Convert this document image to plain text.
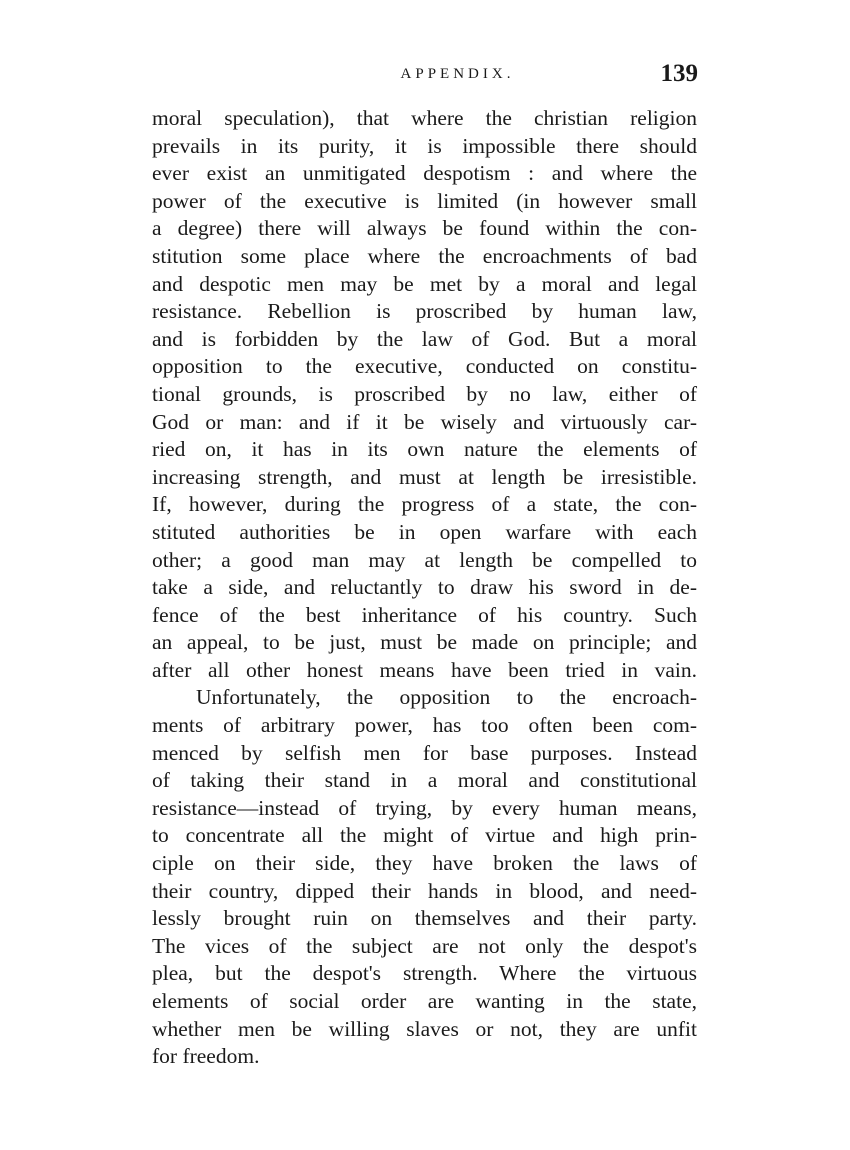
APPENDIX.	139
moral speculation), that where the christian religion
prevails in its purity, it is impossible there should
ever exist an unmitigated despotism : and where the
power of the executive is limited (in however small
a degree) there will always be found within the con-
stitution some place where the encroachments of bad
and despotic men may be met by a moral and legal
resistance. Rebellion is proscribed by human law,
and is forbidden by the law of God. But a moral
opposition to the executive, conducted on constitu-
tional grounds, is proscribed by no law, either of
God or man: and if it be wisely and virtuously car-
ried on, it has in its own nature the elements of
increasing strength, and must at length be irresistible.
If, however, during the progress of a state, the con-
stituted authorities be in open warfare with each
other; a good man may at length be compelled to
take a side, and reluctantly to draw his sword in de-
fence of the best inheritance of his country. Such
an appeal, to be just, must be made on principle; and
after all other honest means have been tried in vain.
Unfortunately, the opposition to the encroach-
ments of arbitrary power, has too often been com-
menced by selfish men for base purposes. Instead
of taking their stand in a moral and constitutional
resistance—instead of trying, by every human means,
to concentrate all the might of virtue and high prin-
ciple on their side, they have broken the laws of
their country, dipped their hands in blood, and need-
lessly brought ruin on themselves and their party.
The vices of the subject are not only the despot's
plea, but the despot's strength. Where the virtuous
elements of social order are wanting in the state,
whether men be willing slaves or not, they are unfit
for freedom.
